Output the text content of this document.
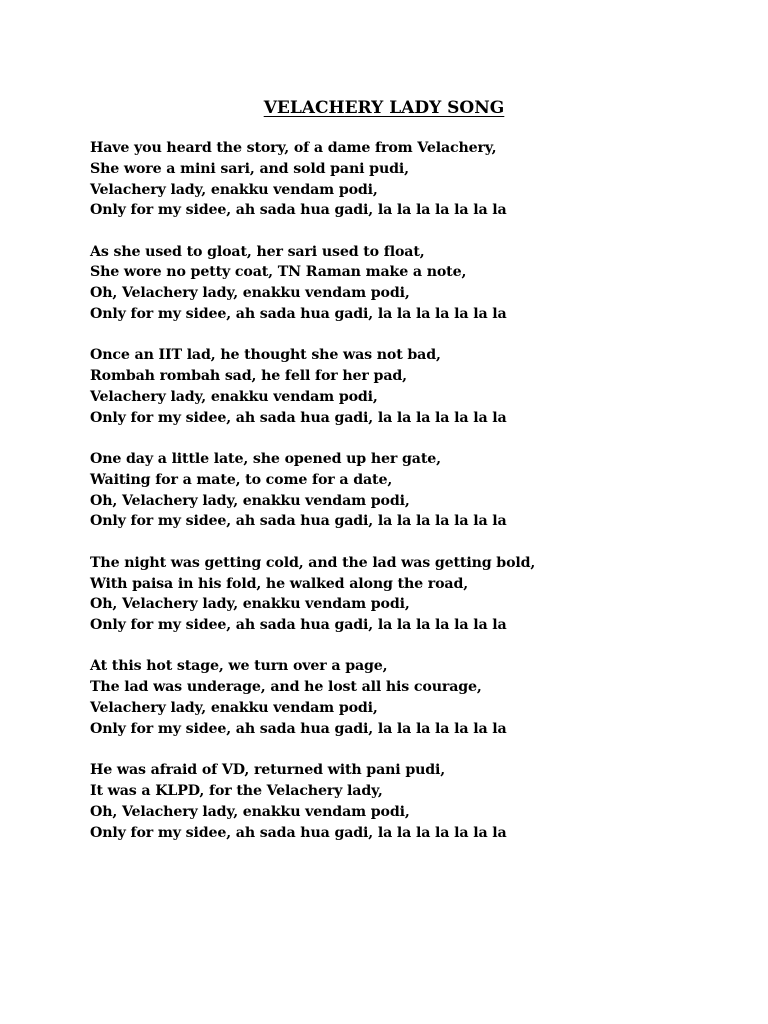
VELACHERY LADY SONG
Have you heard the story, of a dame from Velachery,
She wore a mini sari, and sold pani pudi,
Velachery lady, enakku vendam podi,
Only for my sidee, ah sada hua gadi, la la la la la la la
As she used to gloat, her sari used to float,
She wore no petty coat, TN Raman make a note,
Oh, Velachery lady, enakku vendam podi,
Only for my sidee, ah sada hua gadi, la la la la la la la
Once an IIT lad, he thought she was not bad,
Rombah rombah sad, he fell for her pad,
Velachery lady, enakku vendam podi,
Only for my sidee, ah sada hua gadi, la la la la la la la
One day a little late, she opened up her gate,
Waiting for a mate, to come for a date,
Oh, Velachery lady, enakku vendam podi,
Only for my sidee, ah sada hua gadi, la la la la la la la
The night was getting cold, and the lad was getting bold,
With paisa in his fold, he walked along the road,
Oh, Velachery lady, enakku vendam podi,
Only for my sidee, ah sada hua gadi, la la la la la la la
At this hot stage, we turn over a page,
The lad was underage, and he lost all his courage,
Velachery lady, enakku vendam podi,
Only for my sidee, ah sada hua gadi, la la la la la la la
He was afraid of VD, returned with pani pudi,
It was a KLPD, for the Velachery lady,
Oh, Velachery lady, enakku vendam podi,
Only for my sidee, ah sada hua gadi, la la la la la la la
